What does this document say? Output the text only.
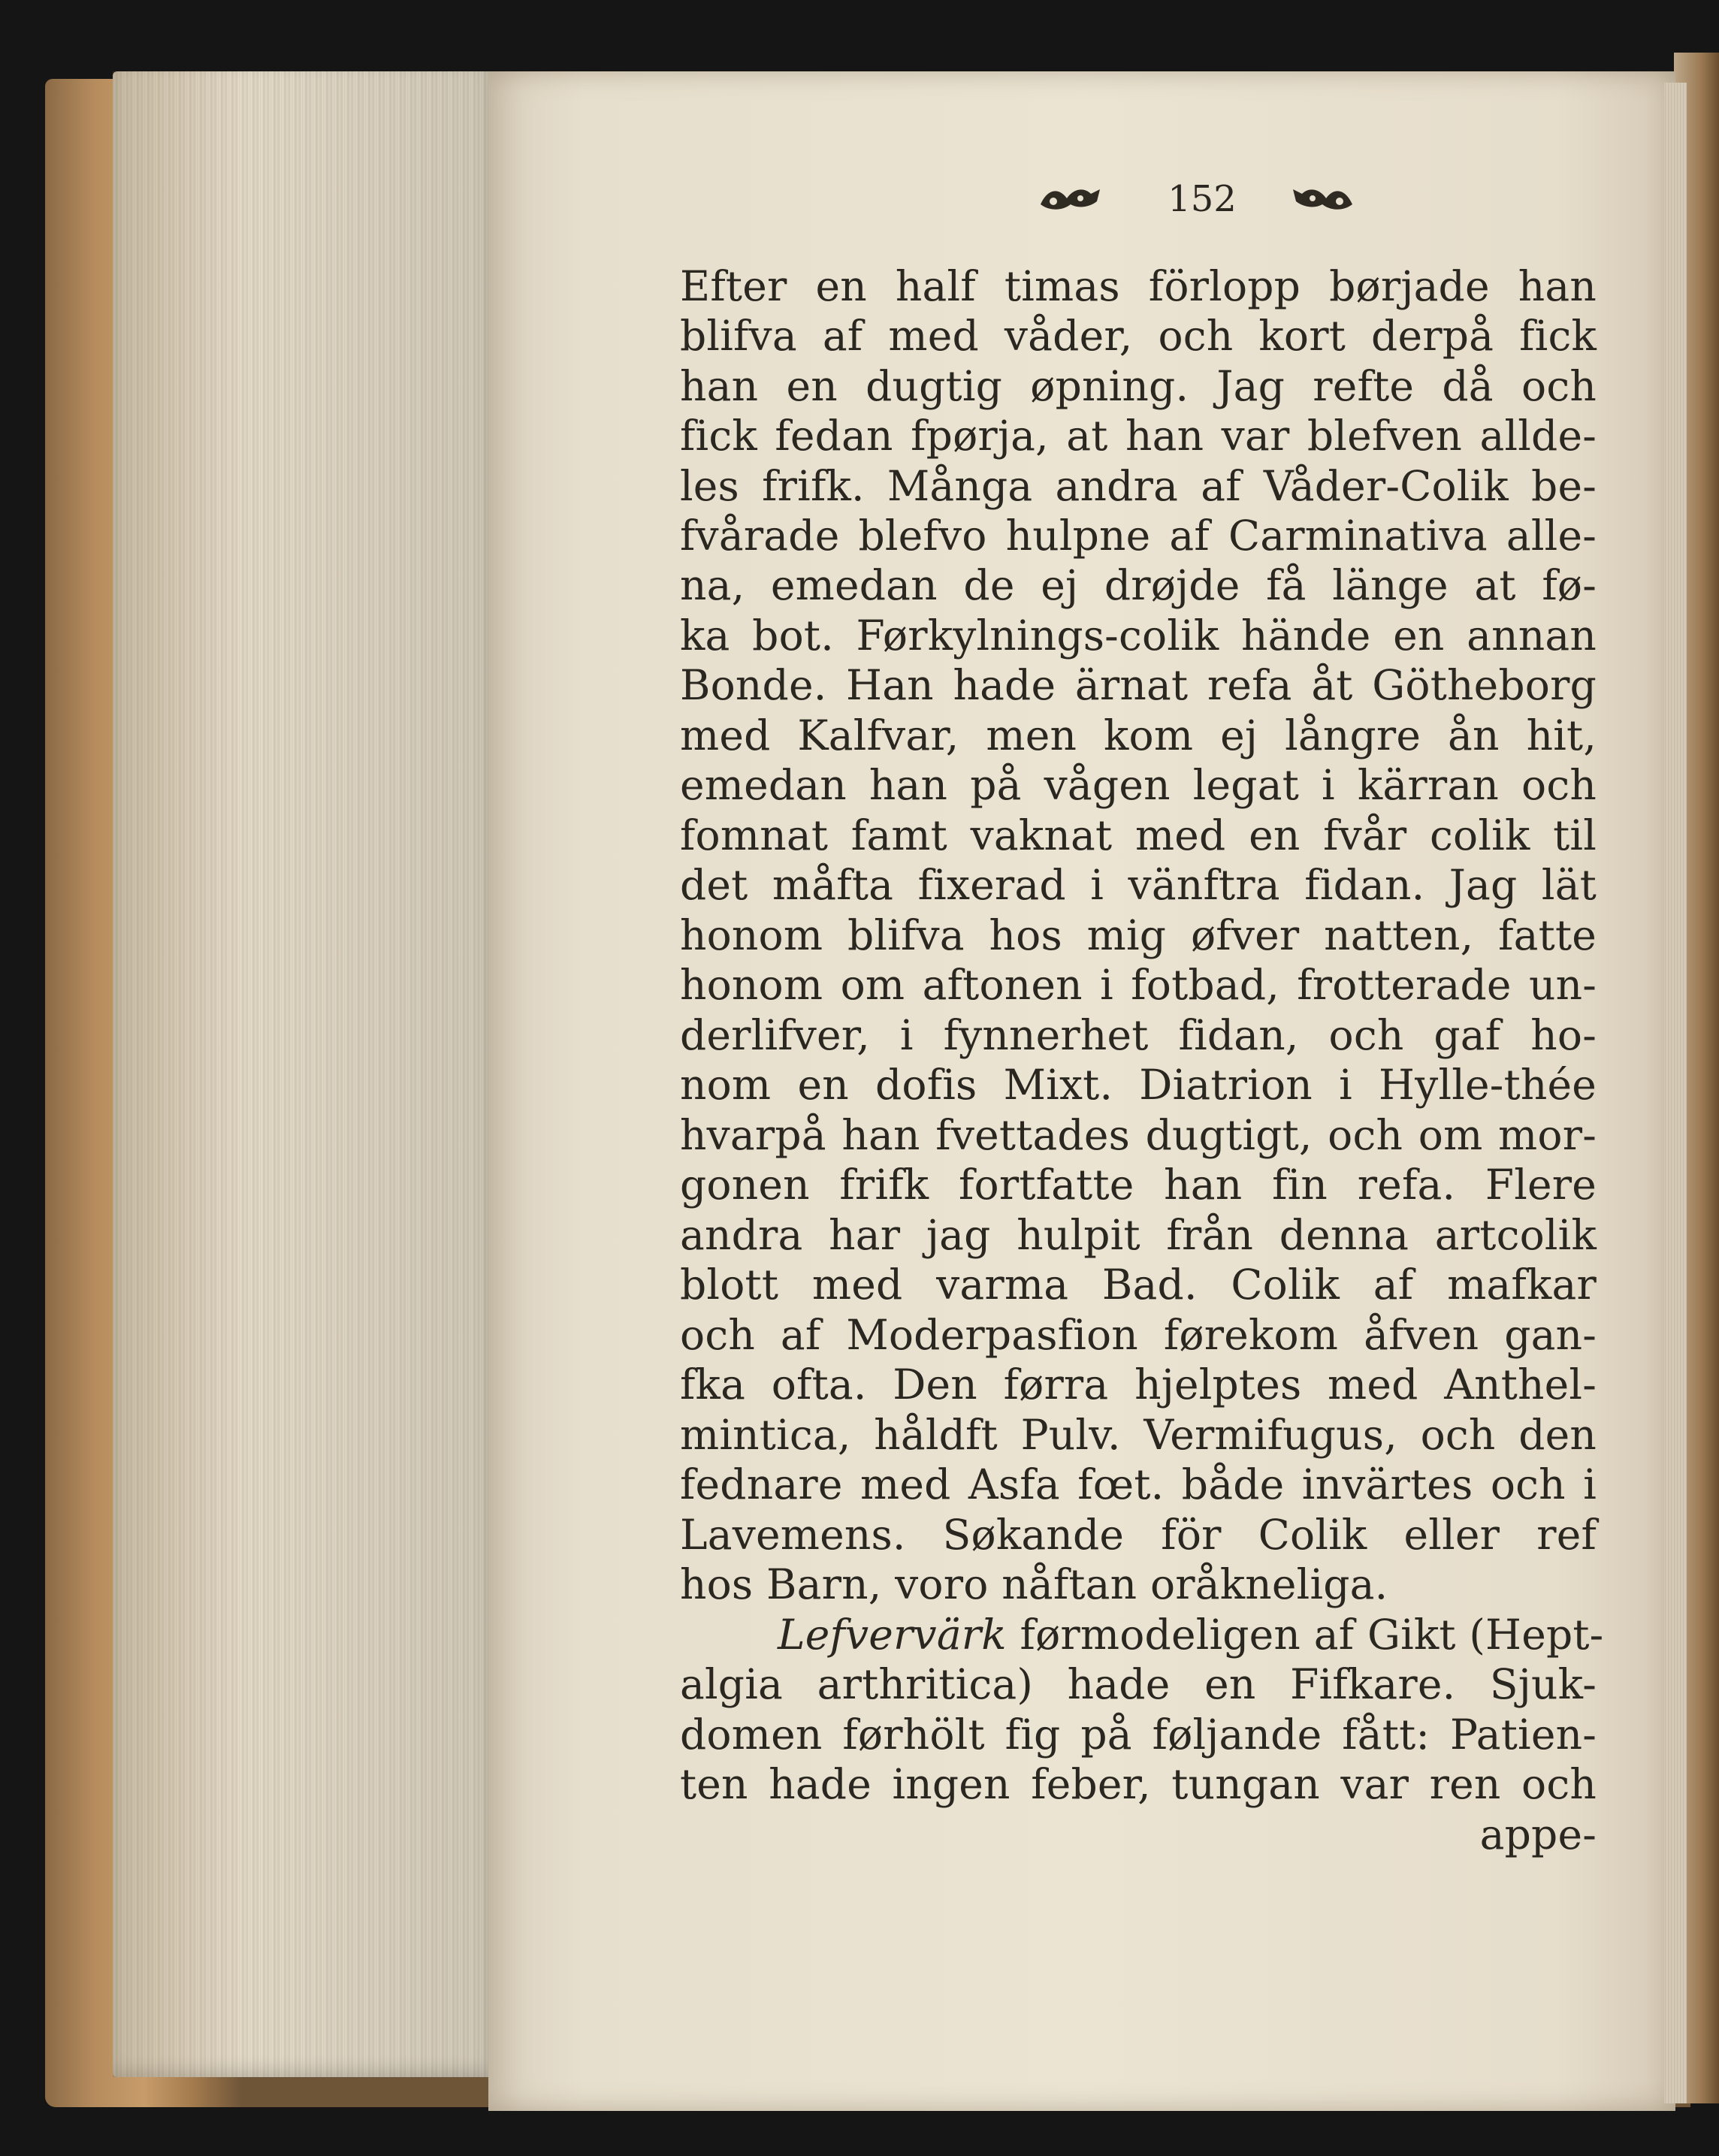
152
Efter en half timas förlopp børjade han
blifva af med våder, och kort derpå fick
han en dugtig øpning. Jag refte då och
fick fedan fpørja, at han var blefven allde-
les frifk. Många andra af Våder-Colik be-
fvårade blefvo hulpne af Carminativa alle-
na, emedan de ej drøjde få länge at fø-
ka bot. Førkylnings-colik hände en annan
Bonde. Han hade ärnat refa åt Götheborg
med Kalfvar, men kom ej långre ån hit,
emedan han på vågen legat i kärran och
fomnat famt vaknat med en fvår colik til
det måfta fixerad i vänftra fidan. Jag lät
honom blifva hos mig øfver natten, fatte
honom om aftonen i fotbad, frotterade un-
derlifver, i fynnerhet fidan, och gaf ho-
nom en dofis Mixt. Diatrion i Hylle-thée
hvarpå han fvettades dugtigt, och om mor-
gonen frifk fortfatte han fin refa. Flere
andra har jag hulpit från denna artcolik
blott med varma Bad. Colik af mafkar
och af Moderpasfion førekom åfven gan-
fka ofta. Den førra hjelptes med Anthel-
mintica, håldft Pulv. Vermifugus, och den
fednare med Asfa fœt. både invärtes och i
Lavemens. Søkande för Colik eller ref
hos Barn, voro nåftan oråkneliga.
Lefvervärk førmodeligen af Gikt (Hept-
algia arthritica) hade en Fifkare. Sjuk-
domen førhölt fig på føljande fått: Patien-
ten hade ingen feber, tungan var ren och
appe-
